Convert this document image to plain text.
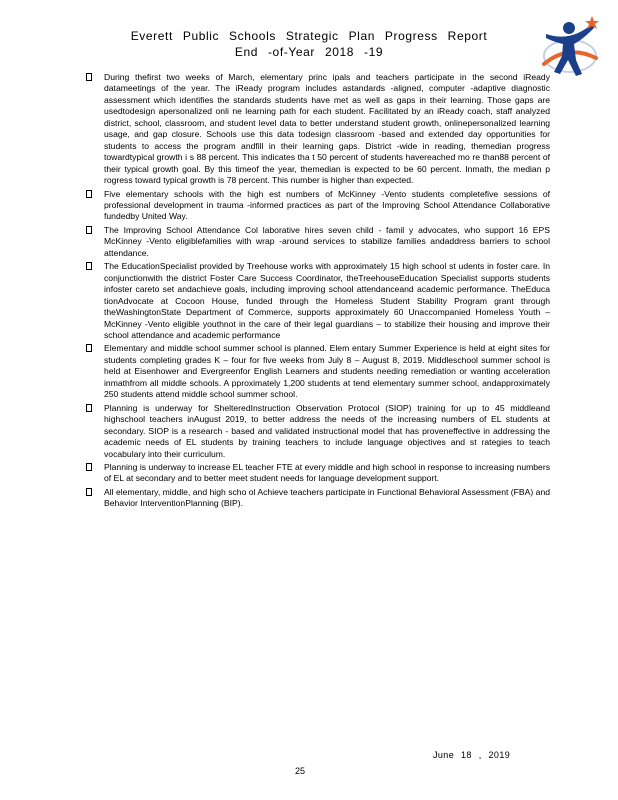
Everett Public Schools Strategic Plan Progress Report
End -of-Year 2018 -19
During thefirst two weeks of March, elementary princ ipals and teachers participate in the second iReady datameetings of the year. The iReady program includes astandards -aligned, computer -adaptive diagnostic assessment which identifies the standards students have met as well as gaps in their learning. Those gaps are usedtodesign apersonalized onli ne learning path for each student. Facilitated by an iReady coach, staff analyzed district, school, classroom, and student level data to better understand student growth, onlinepersonalized learning usage, and gap closure. Schools use this data todesign classroom -based and extended day opportunities for students to access the program andfill in their learning gaps. District -wide in reading, themedian progress towardtypical growth i s 88 percent. This indicates tha t 50 percent of students havereached mo re than88 percent of their typical growth goal. By this timeof the year, themedian is expected to be 60 percent. Inmath, the median p rogress toward typical growth is 78 percent. This number is higher than expected.
Five elementary schools with the high est numbers of McKinney -Vento students completefive sessions of professional development in trauma -informed practices as part of the Improving School Attendance Collaborative fundedby United Way.
The Improving School Attendance Col laborative hires seven child - famil y advocates, who support 16 EPS McKinney -Vento eligiblefamilies with wrap -around services to stabilize families andaddress barriers to school attendance.
The EducationSpecialist provided by Treehouse works with approximately 15 high school st udents in foster care. In conjunctionwith the district Foster Care Success Coordinator, theTreehouseEducation Specialist supports students infoster careto set andachieve goals, including improving school attendanceand academic performance. TheEduca tionAdvocate at Cocoon House, funded through the Homeless Student Stability Program grant through theWashingtonState Department of Commerce, supports approximately 60 Unaccompanied Homeless Youth – McKinney -Vento eligible youthnot in the care of their legal guardians – to stabilize their housing and improve their school attendance and academic performance
Elementary and middle school summer school is planned. Elem entary Summer Experience is held at eight sites for students completing grades K – four for five weeks from July 8 – August 8, 2019. Middleschool summer school is held at Eisenhower and Evergreenfor English Learners and students needing remediation or wanting acceleration inmathfrom all middle schools. A pproximately 1,200 students at tend elementary summer school, andapproximately 250 students attend middle school summer school.
Planning is underway for ShelteredInstruction Observation Protocol (SIOP) training for up to 45 middleand highschool teachers inAugust 2019, to better address the needs of the increasing numbers of EL students at secondary. SIOP is a research - based and validated instructional model that has proveneffective in addressing the academic needs of EL students by training teachers to include language objectives and st rategies to teach vocabulary into their curriculum.
Planning is underway to increase EL teacher FTE at every middle and high school in response to increasing numbers of EL at secondary and to better meet student needs for language development support.
All elementary, middle, and high scho ol Achieve teachers participate in Functional Behavioral Assessment (FBA) and Behavior InterventionPlanning (BIP).
June 18 , 2019
25
